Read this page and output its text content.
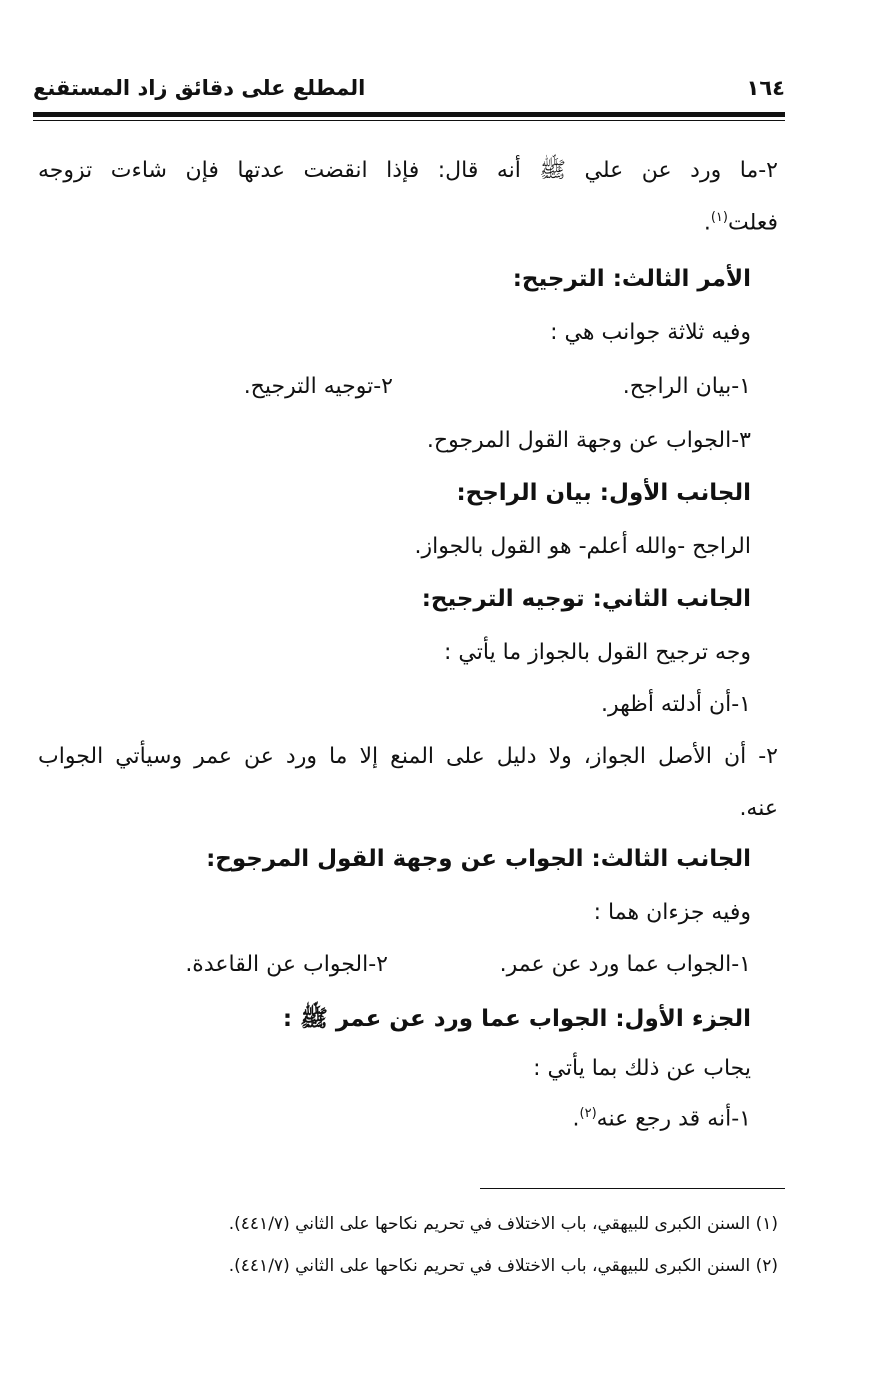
١٦٤
المطلع على دقائق زاد المستقنع
٢-ما ورد عن علي ﷺ أنه قال: فإذا انقضت عدتها فإن شاءت تزوجه
فعلت$^{(١)}$.
الأمر الثالث: الترجيح:
وفيه ثلاثة جوانب هي :
١-بيان الراجح.
٢-توجيه الترجيح.
٣-الجواب عن وجهة القول المرجوح.
الجانب الأول: بيان الراجح:
الراجح -والله أعلم- هو القول بالجواز.
الجانب الثاني: توجيه الترجيح:
وجه ترجيح القول بالجواز ما يأتي :
١-أن أدلته أظهر.
٢- أن الأصل الجواز، ولا دليل على المنع إلا ما ورد عن عمر وسيأتي الجواب
عنه.
الجانب الثالث: الجواب عن وجهة القول المرجوح:
وفيه جزءان هما :
١-الجواب عما ورد عن عمر.
٢-الجواب عن القاعدة.
الجزء الأول: الجواب عما ورد عن عمر ﷺ :
يجاب عن ذلك بما يأتي :
١-أنه قد رجع عنه$^{(٢)}$.
(١) السنن الكبرى للبيهقي، باب الاختلاف في تحريم نكاحها على الثاني (٤٤١/٧).
(٢) السنن الكبرى للبيهقي، باب الاختلاف في تحريم نكاحها على الثاني (٤٤١/٧).
